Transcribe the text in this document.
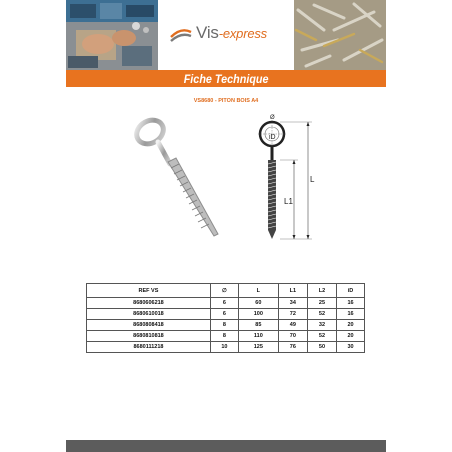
Vis-express
Fiche Technique
VS8680 - PITON BOIS A4
Ø
iD
L
L1
REF VS	∅	L	L1	L2	iD
8680606218	6	60	34	25	16
8680610018	6	100	72	52	16
8680808418	8	85	49	32	20
8680810818	8	110	70	52	20
8680111218	10	125	76	50	30
